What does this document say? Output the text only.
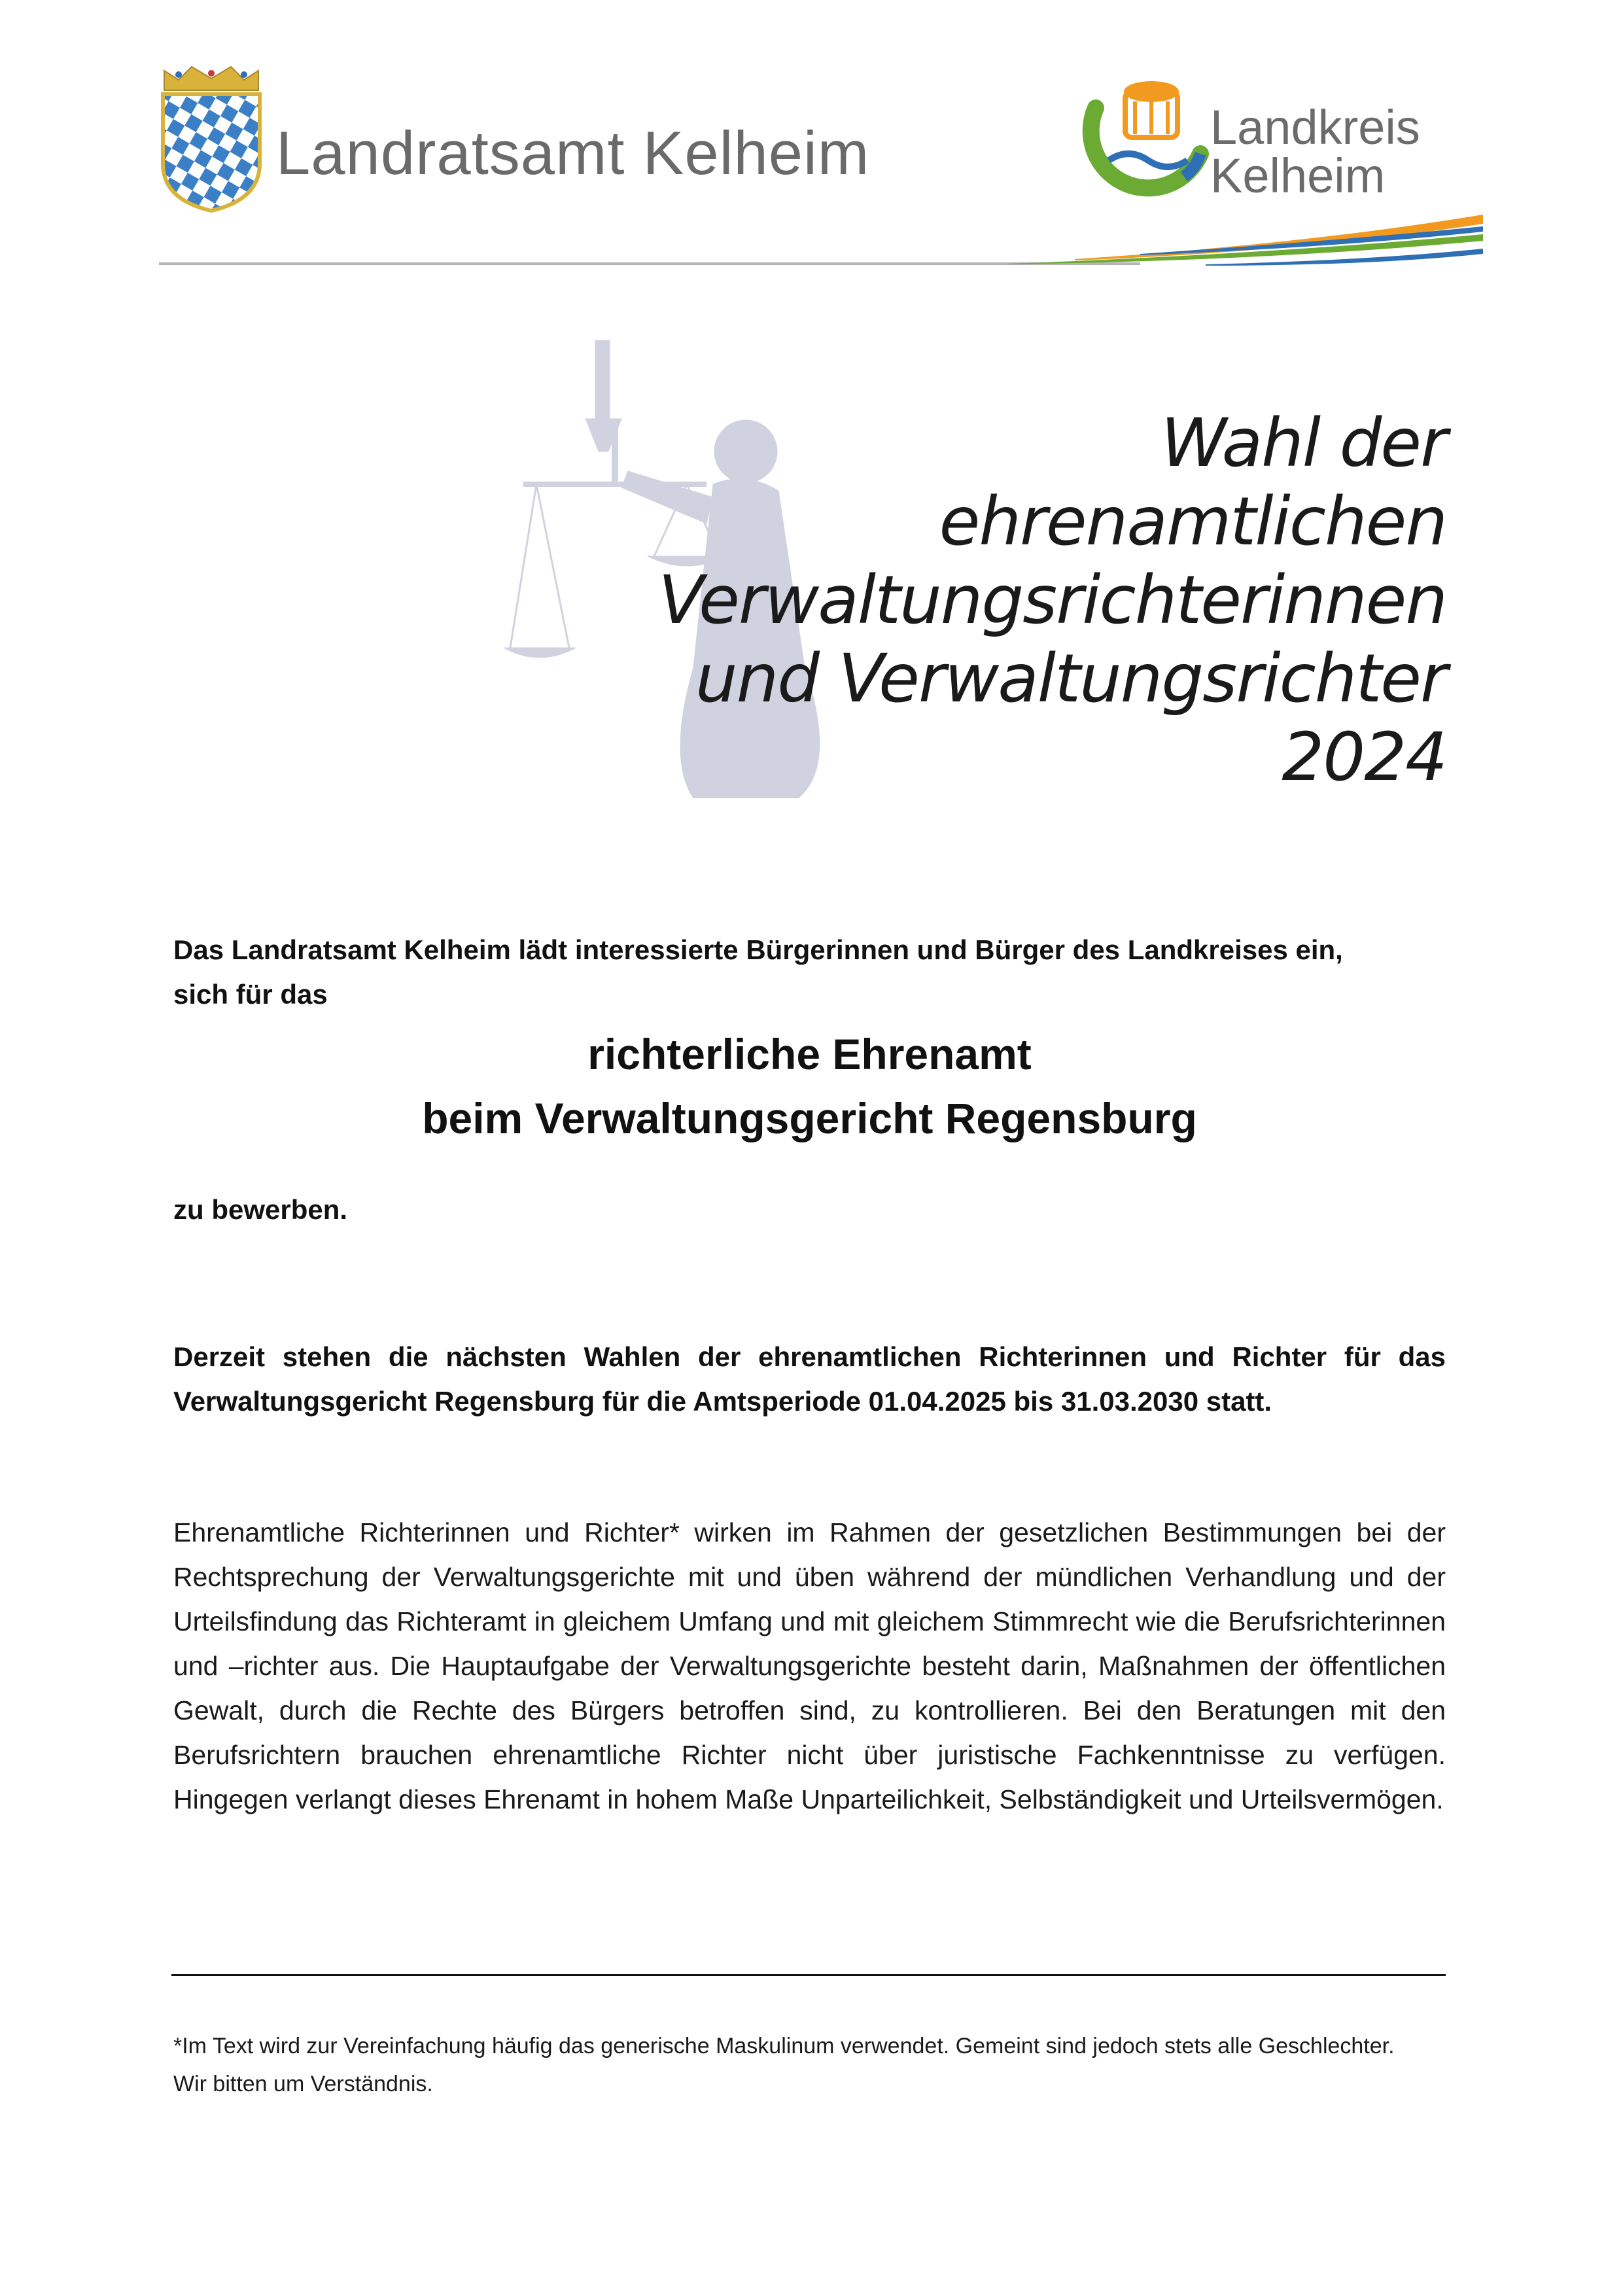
Landratsamt Kelheim	Landkreis
Kelheim
Wahl der
ehrenamtlichen
Verwaltungsrichterinnen
und Verwaltungsrichter
2024
Das Landratsamt Kelheim lädt interessierte Bürgerinnen und Bürger des Landkreises ein,
sich für das
richterliche Ehrenamt
beim Verwaltungsgericht Regensburg
zu bewerben.
Derzeit stehen die nächsten Wahlen der ehrenamtlichen Richterinnen und Richter für das Verwaltungsgericht Regensburg für die Amtsperiode 01.04.2025 bis 31.03.2030 statt.
Ehrenamtliche Richterinnen und Richter* wirken im Rahmen der gesetzlichen Bestimmungen bei der Rechtsprechung der Verwaltungsgerichte mit und üben während der mündlichen Verhandlung und der Urteilsfindung das Richteramt in gleichem Umfang und mit gleichem Stimmrecht wie die Berufsrichterinnen und –richter aus. Die Hauptaufgabe der Verwaltungsgerichte besteht darin, Maßnahmen der öffentlichen Gewalt, durch die Rechte des Bürgers betroffen sind, zu kontrollieren. Bei den Beratungen mit den Berufsrichtern brauchen ehrenamtliche Richter nicht über juristische Fachkenntnisse zu verfügen. Hingegen verlangt dieses Ehrenamt in hohem Maße Unparteilichkeit, Selbständigkeit und Urteilsvermögen.
*Im Text wird zur Vereinfachung häufig das generische Maskulinum verwendet. Gemeint sind jedoch stets alle Geschlechter.
Wir bitten um Verständnis.
